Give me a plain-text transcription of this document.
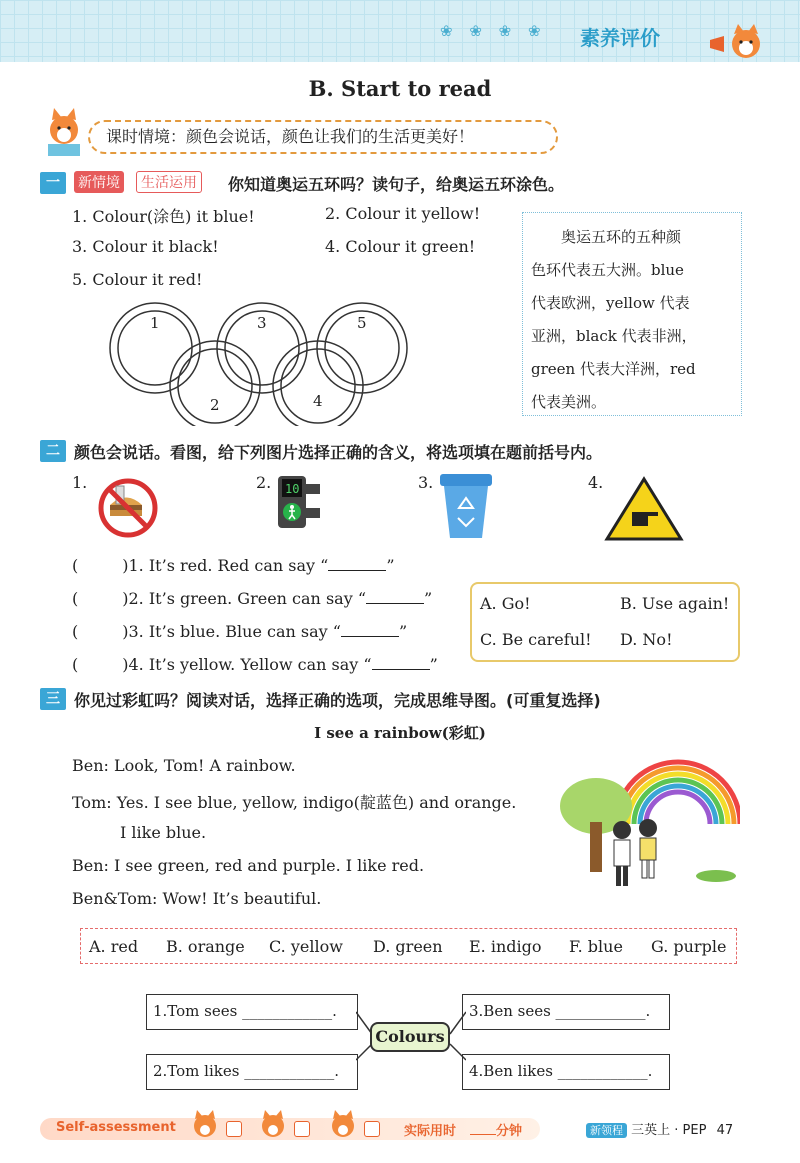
❀ ❀ ❀ ❀ 素养评价
B. Start to read
课时情境：颜色会说话，颜色让我们的生活更美好！
一	新情境	生活运用	你知道奥运五环吗？读句子，给奥运五环涂色。
1. Colour(涂色) it blue!	2. Colour it yellow!
3. Colour it black!	4. Colour it green!
5. Colour it red!
1
2
3
4
5
奥运五环的五种颜
色环代表五大洲。blue
代表欧洲，yellow 代表
亚洲，black 代表非洲，
green 代表大洋洲，red
代表美洲。
二 颜色会说话。看图，给下列图片选择正确的含义，将选项填在题前括号内。
1.	2. 10	3.	4.
(	)1. It’s red. Red can say “	”
(	)2. It’s green. Green can say “	”
(	)3. It’s blue. Blue can say “	”
(	)4. It’s yellow. Yellow can say “	”
A. Go!	B. Use again!
C. Be careful! D. No!
三 你见过彩虹吗？阅读对话，选择正确的选项，完成思维导图。(可重复选择)
I see a rainbow(彩虹)
Ben: Look, Tom! A rainbow.
Tom: Yes. I see blue, yellow, indigo(靛蓝色) and orange.
I like blue.
Ben: I see green, red and purple. I like red.
Ben&Tom: Wow! It’s beautiful.
A. red B. orange C. yellow D. green E. indigo F. blue G. purple
1.Tom sees ____________.
2.Tom likes ____________.
3.Ben sees ____________.
4.Ben likes ____________.
Colours
Self-assessment	实际用时	分钟	新领程 三英上 · PEP 47
